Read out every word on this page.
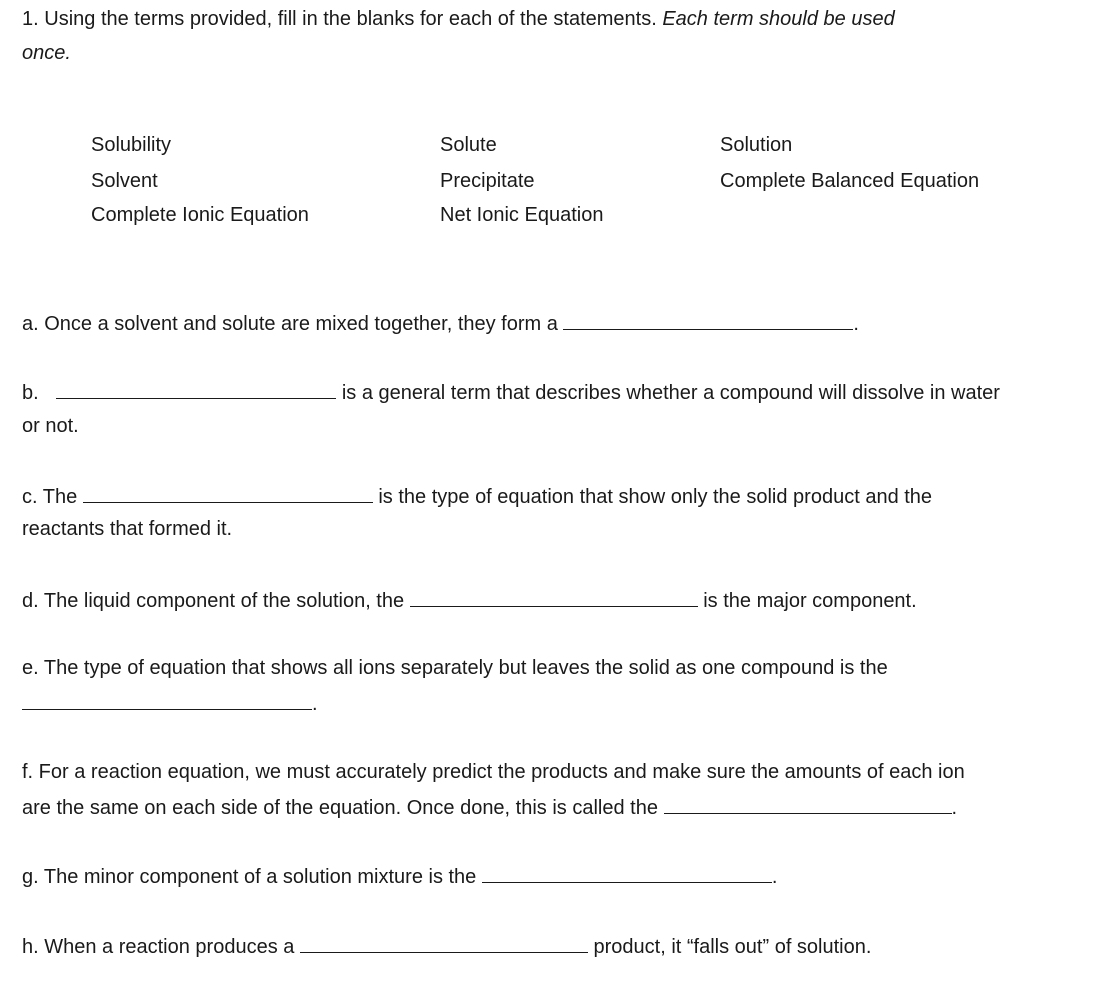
1. Using the terms provided, fill in the blanks for each of the statements. Each term should be used
once.
Solubility	Solute	Solution
Solvent	Precipitate	Complete Balanced Equation
Complete Ionic Equation	Net Ionic Equation
a. Once a solvent and solute are mixed together, they form a	.
b.	is a general term that describes whether a compound will dissolve in water
or not.
c. The	is the type of equation that show only the solid product and the
reactants that formed it.
d. The liquid component of the solution, the	is the major component.
e. The type of equation that shows all ions separately but leaves the solid as one compound is the
.
f. For a reaction equation, we must accurately predict the products and make sure the amounts of each ion
are the same on each side of the equation. Once done, this is called the	.
g. The minor component of a solution mixture is the	.
h. When a reaction produces a	product, it “falls out” of solution.
